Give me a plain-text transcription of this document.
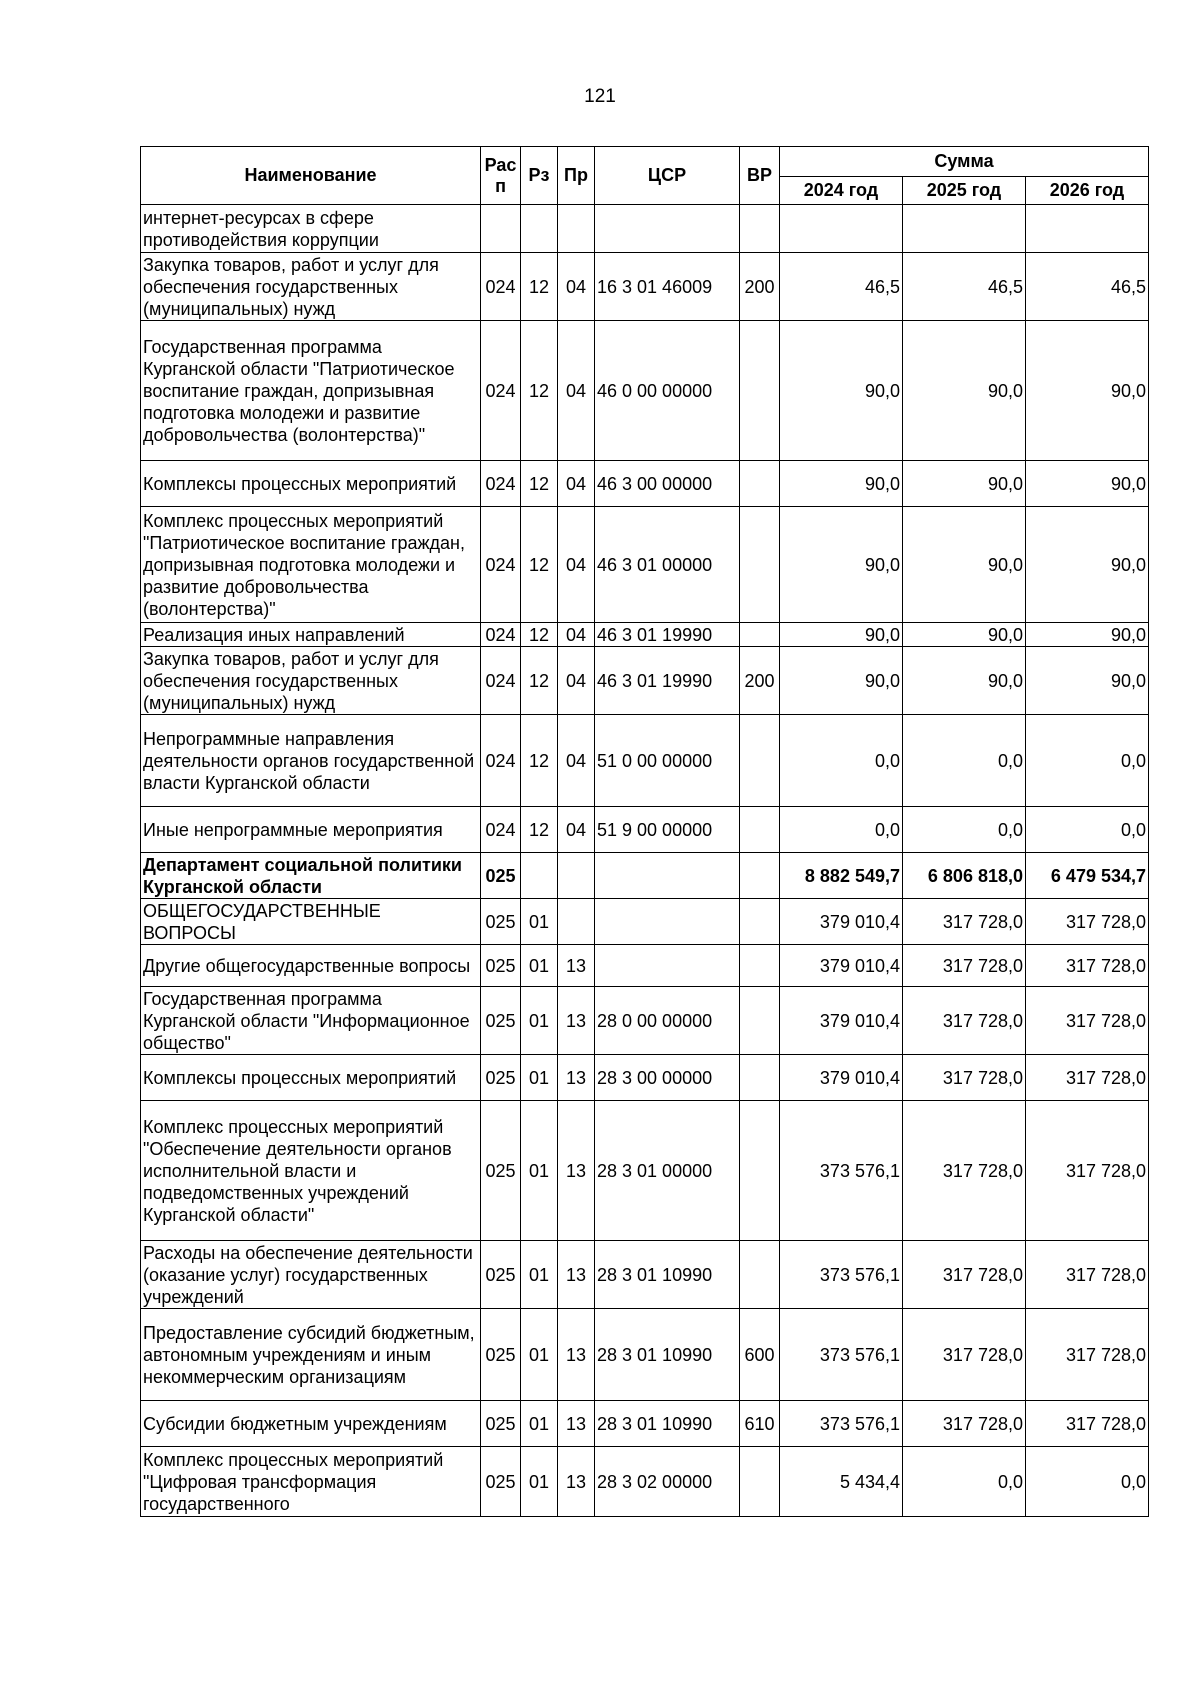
121
Наименование	Рас п	Рз	Пр	ЦСР	ВР	Сумма		
						2024 год	2025 год	2026 год
интернет-ресурсах в сфере противодействия коррупции								
Закупка товаров, работ и услуг для обеспечения государственных (муниципальных) нужд	024	12	04	16 3 01 46009	200	46,5	46,5	46,5
Государственная программа Курганской области "Патриотическое воспитание граждан, допризывная подготовка молодежи и развитие добровольчества (волонтерства)"	024	12	04	46 0 00 00000		90,0	90,0	90,0
Комплексы процессных мероприятий	024	12	04	46 3 00 00000		90,0	90,0	90,0
Комплекс процессных мероприятий "Патриотическое воспитание граждан, допризывная подготовка молодежи и развитие добровольчества (волонтерства)"	024	12	04	46 3 01 00000		90,0	90,0	90,0
Реализация иных направлений	024	12	04	46 3 01 19990		90,0	90,0	90,0
Закупка товаров, работ и услуг для обеспечения государственных (муниципальных) нужд	024	12	04	46 3 01 19990	200	90,0	90,0	90,0
Непрограммные направления деятельности органов государственной власти Курганской области	024	12	04	51 0 00 00000		0,0	0,0	0,0
Иные непрограммные мероприятия	024	12	04	51 9 00 00000		0,0	0,0	0,0
Департамент социальной политики Курганской области	025					8 882 549,7	6 806 818,0	6 479 534,7
ОБЩЕГОСУДАРСТВЕННЫЕ ВОПРОСЫ	025	01				379 010,4	317 728,0	317 728,0
Другие общегосударственные вопросы	025	01	13			379 010,4	317 728,0	317 728,0
Государственная программа Курганской области "Информационное общество"	025	01	13	28 0 00 00000		379 010,4	317 728,0	317 728,0
Комплексы процессных мероприятий	025	01	13	28 3 00 00000		379 010,4	317 728,0	317 728,0
Комплекс процессных мероприятий "Обеспечение деятельности органов исполнительной власти и подведомственных учреждений Курганской области"	025	01	13	28 3 01 00000		373 576,1	317 728,0	317 728,0
Расходы на обеспечение деятельности (оказание услуг) государственных учреждений	025	01	13	28 3 01 10990		373 576,1	317 728,0	317 728,0
Предоставление субсидий бюджетным, автономным учреждениям и иным некоммерческим организациям	025	01	13	28 3 01 10990	600	373 576,1	317 728,0	317 728,0
Субсидии бюджетным учреждениям	025	01	13	28 3 01 10990	610	373 576,1	317 728,0	317 728,0
Комплекс процессных мероприятий "Цифровая трансформация государственного	025	01	13	28 3 02 00000		5 434,4	0,0	0,0
